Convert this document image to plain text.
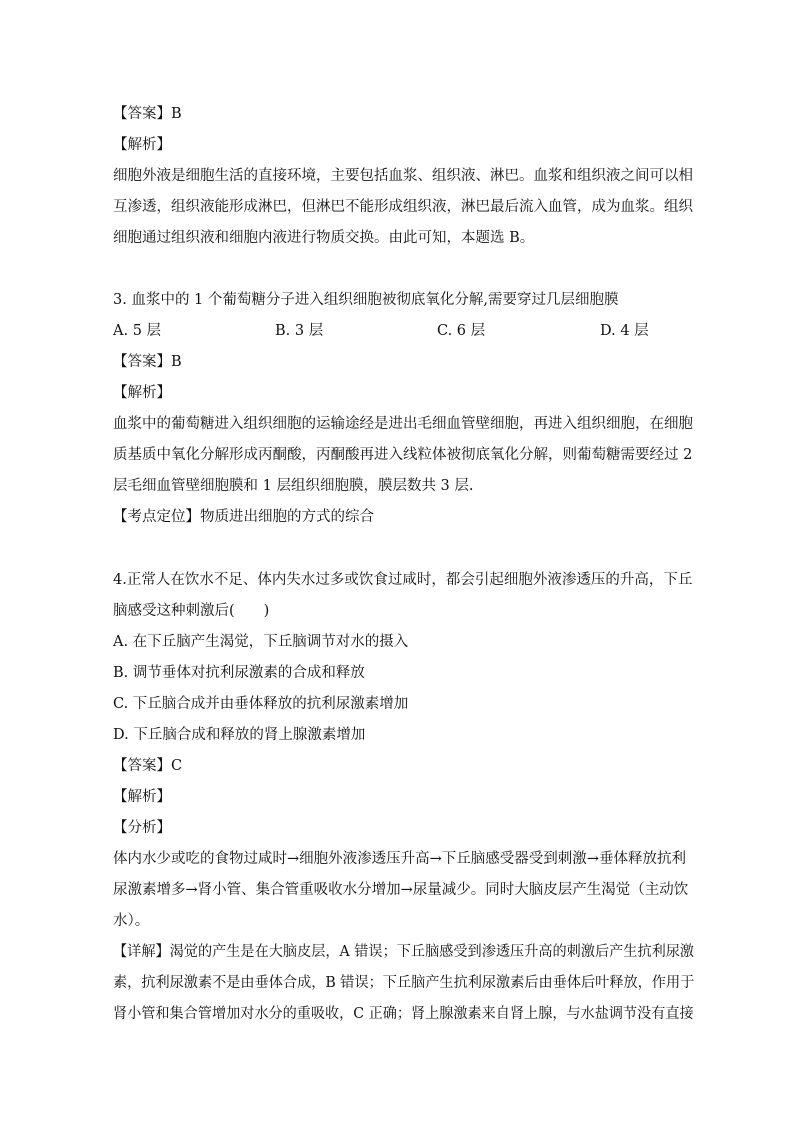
【答案】B
【解析】
细胞外液是细胞生活的直接环境，主要包括血浆、组织液、淋巴。血浆和组织液之间可以相
互渗透，组织液能形成淋巴，但淋巴不能形成组织液，淋巴最后流入血管，成为血浆。组织
细胞通过组织液和细胞内液进行物质交换。由此可知，本题选 B。
3. 血浆中的 1 个葡萄糖分子进入组织细胞被彻底氧化分解,需要穿过几层细胞膜
A. 5 层	B. 3 层	C. 6 层	D. 4 层
【答案】B
【解析】
血浆中的葡萄糖进入组织细胞的运输途经是进出毛细血管壁细胞，再进入组织细胞，在细胞
质基质中氧化分解形成丙酮酸，丙酮酸再进入线粒体被彻底氧化分解，则葡萄糖需要经过 2
层毛细血管壁细胞膜和 1 层组织细胞膜，膜层数共 3 层.
【考点定位】物质进出细胞的方式的综合
4.正常人在饮水不足、体内失水过多或饮食过咸时，都会引起细胞外液渗透压的升高，下丘
脑感受这种刺激后(　　)
A. 在下丘脑产生渴觉，下丘脑调节对水的摄入
B. 调节垂体对抗利尿激素的合成和释放
C. 下丘脑合成并由垂体释放的抗利尿激素增加
D. 下丘脑合成和释放的肾上腺激素增加
【答案】C
【解析】
【分析】
体内水少或吃的食物过咸时→细胞外液渗透压升高→下丘脑感受器受到刺激→垂体释放抗利
尿激素增多→肾小管、集合管重吸收水分增加→尿量减少。同时大脑皮层产生渴觉（主动饮
水）。
【详解】渴觉的产生是在大脑皮层，A 错误；下丘脑感受到渗透压升高的刺激后产生抗利尿激
素，抗利尿激素不是由垂体合成，B 错误；下丘脑产生抗利尿激素后由垂体后叶释放，作用于
肾小管和集合管增加对水分的重吸收，C 正确；肾上腺激素来自肾上腺，与水盐调节没有直接
